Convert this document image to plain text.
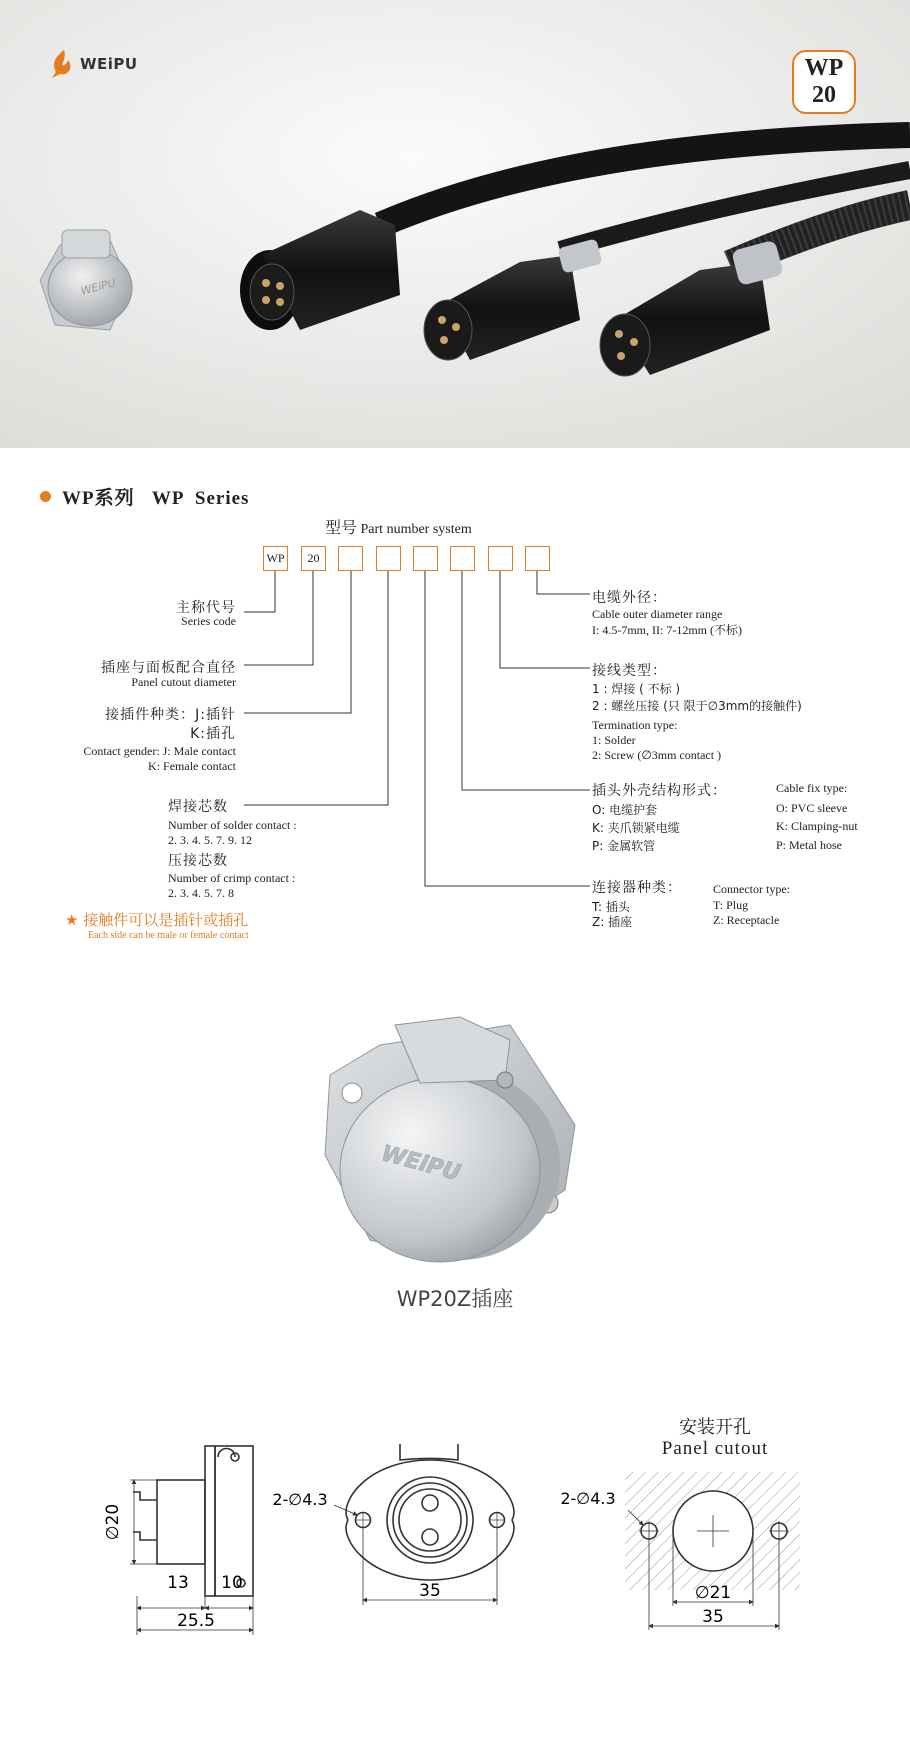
WEiPU
WEiPU	WP
20
WP系列   WP  Series
型号 Part number system
WP	20
主称代号
Series code
插座与面板配合直径
Panel cutout diameter
接插件种类：J:插针
K:插孔
Contact gender: J: Male contact
K: Female contact
焊接芯数
Number of solder contact :
2. 3. 4. 5. 7. 9. 12
压接芯数
Number of crimp contact :
2. 3. 4. 5. 7. 8
★ 接触件可以是插针或插孔
Each side can be male or female contact
电缆外径：
Cable outer diameter range
I: 4.5-7mm, II: 7-12mm (不标)
接线类型：
1 : 焊接 ( 不标 )
2 : 螺丝压接 (只 限于∅3mm的接触件)
Termination type:
1: Solder
2: Screw (∅3mm contact )
插头外壳结构形式：
O: 电缆护套
K: 夹爪锁紧电缆
P: 金属软管
Cable fix type:
O: PVC sleeve
K: Clamping-nut
P: Metal hose
连接器种类：
T: 插头
Z: 插座
Connector type:
T: Plug
Z: Receptacle
WEiPU
WP20Z插座
安装开孔
Panel cutout
∅20
13 10
25.5
2-∅4.3
35
2-∅4.3
∅21
35
